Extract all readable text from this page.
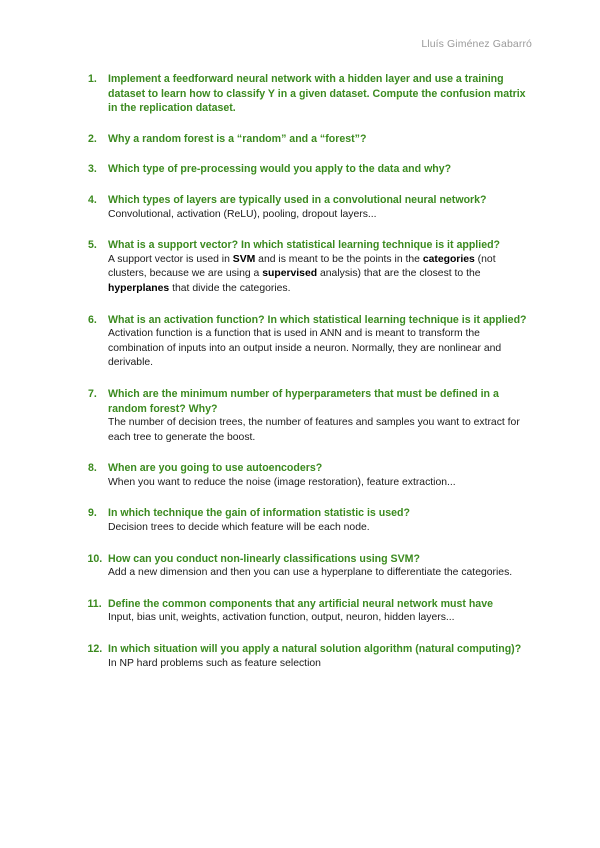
Lluís Giménez Gabarró
1. Implement a feedforward neural network with a hidden layer and use a training dataset to learn how to classify Y in a given dataset. Compute the confusion matrix in the replication dataset.

2. Why a random forest is a “random” and a “forest”?

3. Which type of pre-processing would you apply to the data and why?

4. Which types of layers are typically used in a convolutional neural network?

Convolutional, activation (ReLU), pooling, dropout layers...

5. What is a support vector? In which statistical learning technique is it applied?

A support vector is used in SVM and is meant to be the points in the categories (not clusters, because we are using a supervised analysis) that are the closest to the hyperplanes that divide the categories.

6. What is an activation function? In which statistical learning technique is it applied?

Activation function is a function that is used in ANN and is meant to transform the combination of inputs into an output inside a neuron. Normally, they are nonlinear and derivable.

7. Which are the minimum number of hyperparameters that must be defined in a random forest? Why?

The number of decision trees, the number of features and samples you want to extract for each tree to generate the boost.

8. When are you going to use autoencoders?

When you want to reduce the noise (image restoration), feature extraction...

9. In which technique the gain of information statistic is used?

Decision trees to decide which feature will be each node.

10. How can you conduct non-linearly classifications using SVM?

Add a new dimension and then you can use a hyperplane to differentiate the categories.

11. Define the common components that any artificial neural network must have

Input, bias unit, weights, activation function, output, neuron, hidden layers...

12. In which situation will you apply a natural solution algorithm (natural computing)?

In NP hard problems such as feature selection
